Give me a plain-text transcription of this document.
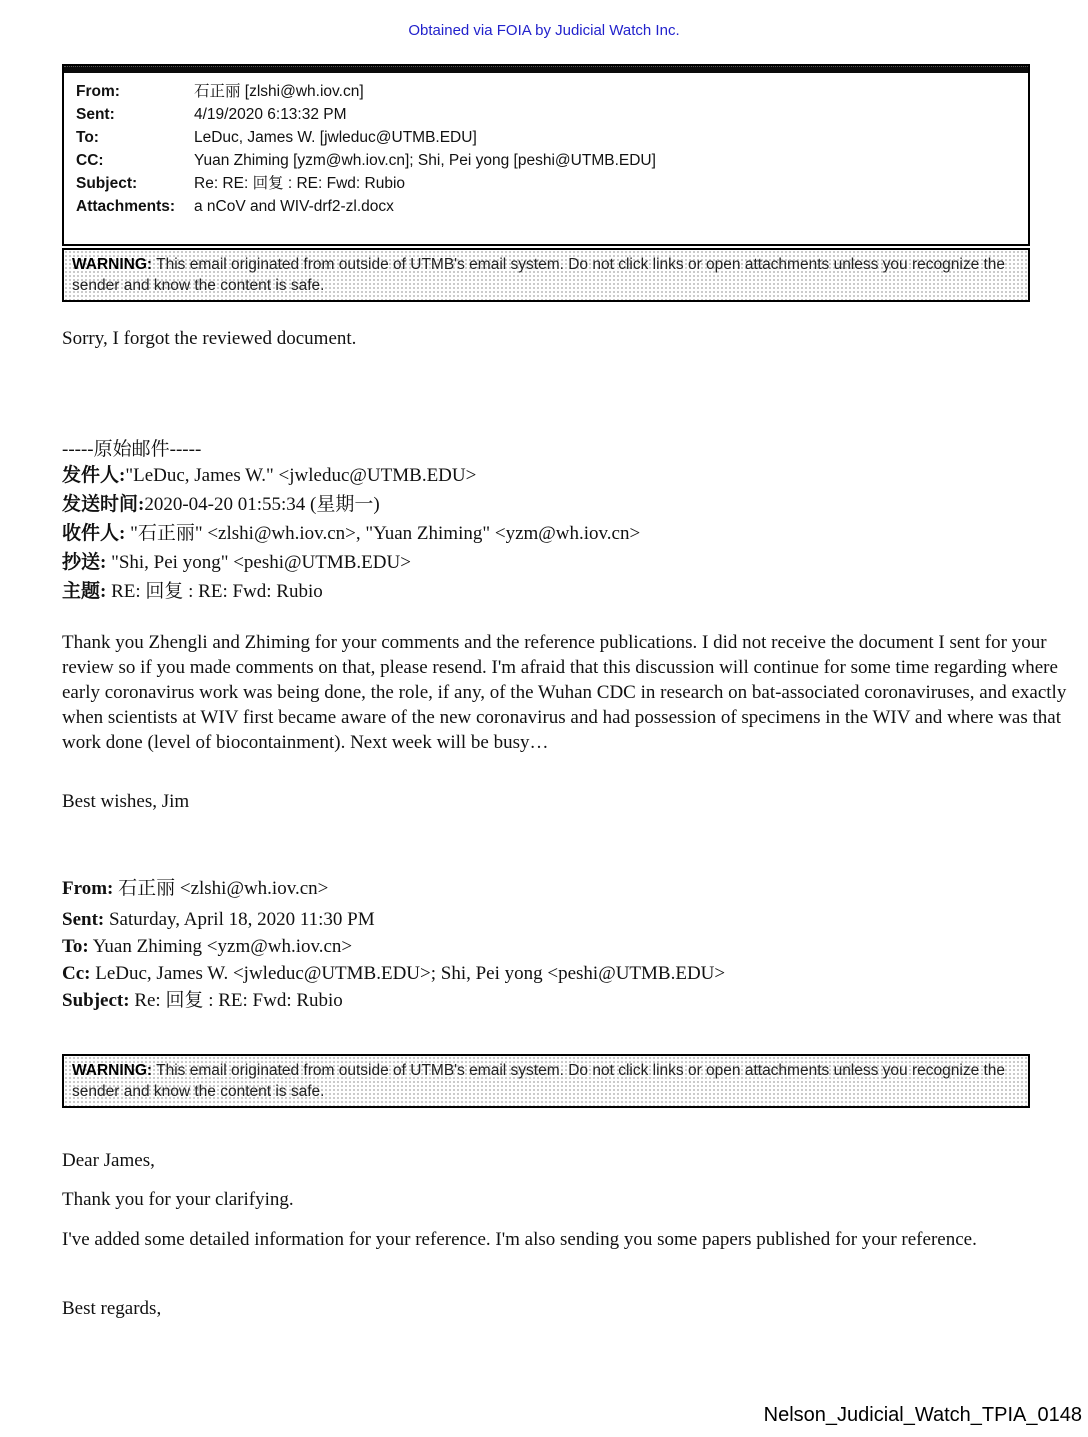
Obtained via FOIA by Judicial Watch Inc.
From:	石正丽 [zlshi@wh.iov.cn]
Sent:	4/19/2020 6:13:32 PM
To:	LeDuc, James W. [jwleduc@UTMB.EDU]
CC:	Yuan Zhiming [yzm@wh.iov.cn]; Shi, Pei yong [peshi@UTMB.EDU]
Subject:	Re: RE: 回复 : RE: Fwd: Rubio
Attachments:	a nCoV and WIV-drf2-zl.docx
WARNING: This email originated from outside of UTMB's email system. Do not click links or open attachments unless you recognize the sender and know the content is safe.
Sorry, I forgot the reviewed document.
-----原始邮件-----
发件人:"LeDuc, James W." <jwleduc@UTMB.EDU>
发送时间:2020-04-20 01:55:34 (星期一)
收件人: "石正丽" <zlshi@wh.iov.cn>, "Yuan Zhiming" <yzm@wh.iov.cn>
抄送: "Shi, Pei yong" <peshi@UTMB.EDU>
主题: RE: 回复 : RE: Fwd: Rubio
Thank you Zhengli and Zhiming for your comments and the reference publications. I did not receive the document I sent for your review so if you made comments on that, please resend. I'm afraid that this discussion will continue for some time regarding where early coronavirus work was being done, the role, if any, of the Wuhan CDC in research on bat-associated coronaviruses, and exactly when scientists at WIV first became aware of the new coronavirus and had possession of specimens in the WIV and where was that work done (level of biocontainment). Next week will be busy…
Best wishes, Jim
From: 石正丽 <zlshi@wh.iov.cn>
Sent: Saturday, April 18, 2020 11:30 PM
To: Yuan Zhiming <yzm@wh.iov.cn>
Cc: LeDuc, James W. <jwleduc@UTMB.EDU>; Shi, Pei yong <peshi@UTMB.EDU>
Subject: Re: 回复 : RE: Fwd: Rubio
WARNING: This email originated from outside of UTMB's email system. Do not click links or open attachments unless you recognize the sender and know the content is safe.
Dear James,
Thank you for your clarifying.
I've added some detailed information for your reference. I'm also sending you some papers published for your reference.
Best regards,
Nelson_Judicial_Watch_TPIA_0148
